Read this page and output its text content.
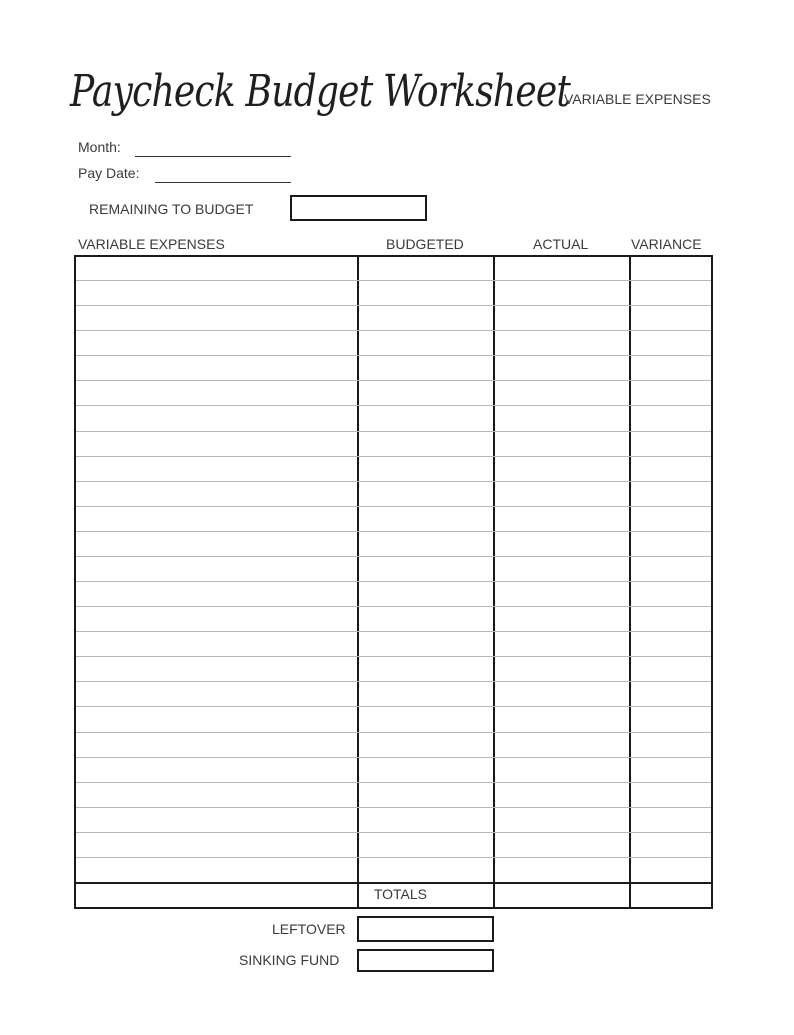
Paycheck Budget Worksheet
VARIABLE EXPENSES
Month:
Pay Date:
REMAINING TO BUDGET
VARIABLE EXPENSES	BUDGETED	ACTUAL	VARIANCE
TOTALS
LEFTOVER
SINKING FUND
